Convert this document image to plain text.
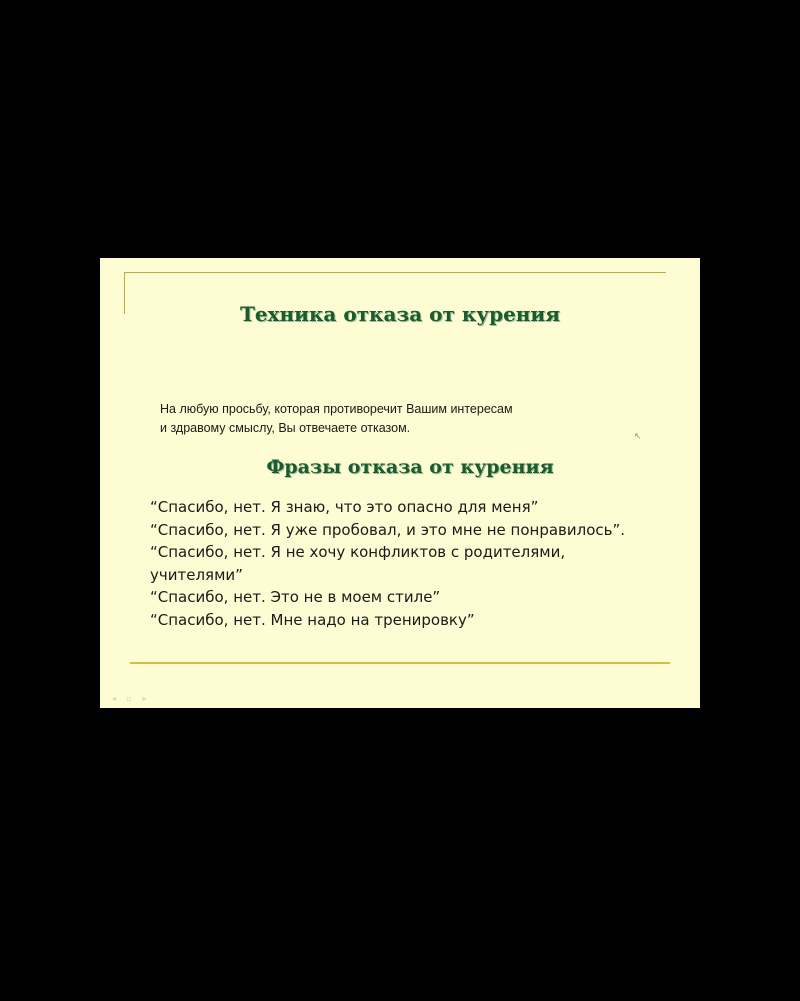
Техника отказа от курения
На любую просьбу, которая противоречит Вашим интересам
и здравому смыслу, Вы отвечаете отказом.
↖
Фразы отказа от курения
“Спасибо, нет. Я знаю, что это опасно для меня”
“Спасибо, нет. Я уже пробовал, и это мне не понравилось”.
“Спасибо, нет. Я не хочу конфликтов с родителями, учителями”
“Спасибо, нет. Это не в моем стиле”
“Спасибо, нет. Мне надо на тренировку”
◂ ▫ ▸
